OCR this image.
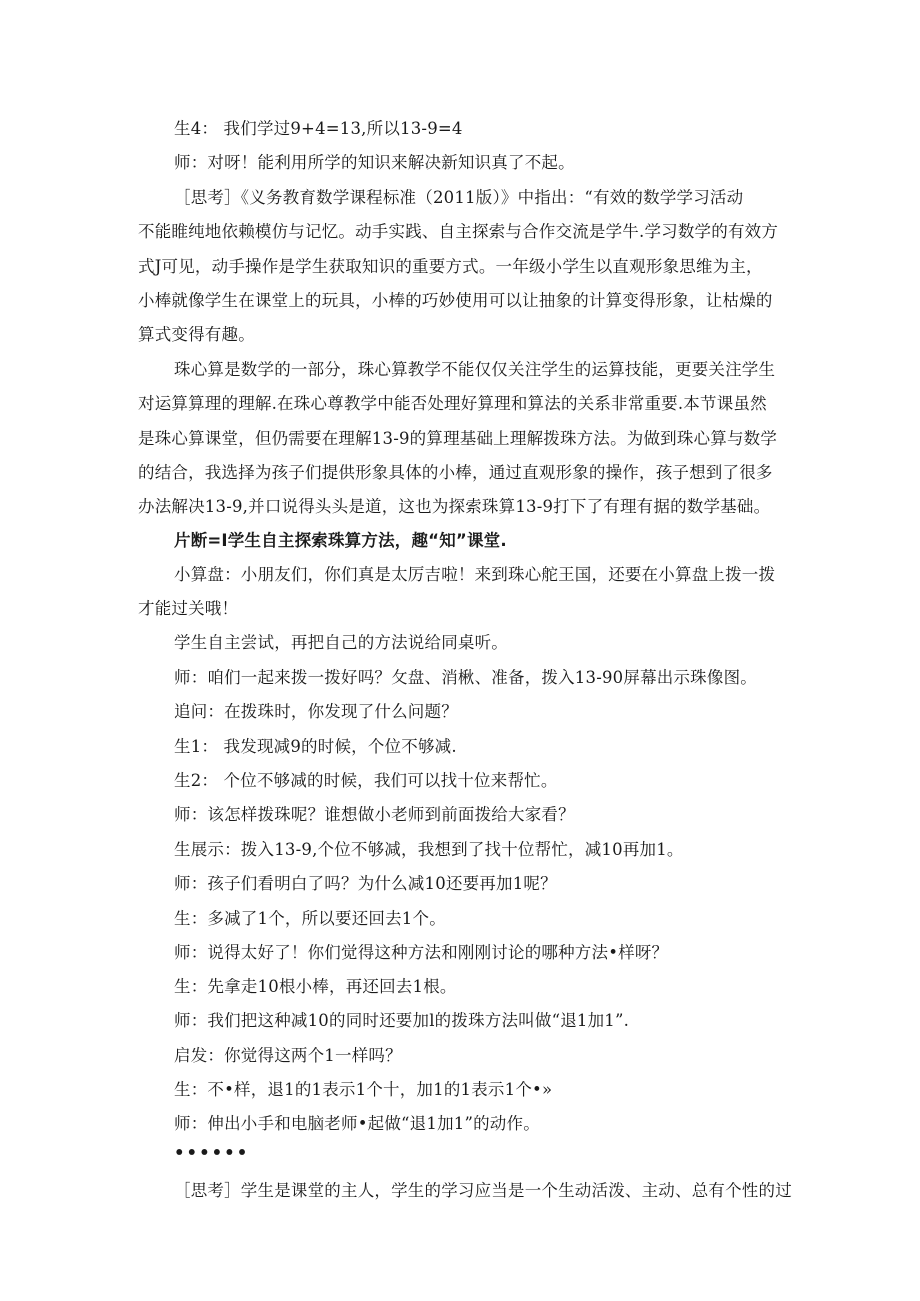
生4： 我们学过9+4=13,所以13-9=4
师：对呀！能利用所学的知识来解决新知识真了不起。
［思考］《义务教育数学课程标准（2011版）》中指出：“有效的数学学习活动
不能睢纯地依赖模仿与记忆。动手实践、自主探索与合作交流是学牛.学习数学的有效方
式J可见，动手操作是学生获取知识的重要方式。一年级小学生以直观形象思维为主，
小棒就像学生在课堂上的玩具，小棒的巧妙使用可以让抽象的计算变得形象，让枯燥的
算式变得有趣。
珠心算是数学的一部分，珠心算教学不能仅仅关注学生的运算技能，更要关注学生
对运算算理的理解.在珠心尊教学中能否处理好算理和算法的关系非常重要.本节课虽然
是珠心算课堂，但仍需要在理解13-9的算理基础上理解拨珠方法。为做到珠心算与数学
的结合，我选择为孩子们提供形象具体的小棒，通过直观形象的操作，孩子想到了很多
办法解决13-9,并口说得头头是道，这也为探索珠算13-9打下了有理有据的数学基础。
片断=I学生自主探索珠算方法，趣“知”课堂.
小算盘：小朋友们，你们真是太厉吉啦！来到珠心舵王国，还要在小算盘上拨一拨
才能过关哦！
学生自主尝试，再把自己的方法说给同桌听。
师：咱们一起来拨一拨好吗？攵盘、消楸、准备，拨入13-90屏幕出示珠像图。
追问：在拨珠时，你发现了什么问题？
生1： 我发现减9的时候，个位不够减.
生2： 个位不够减的时候，我们可以找十位来帮忙。
师：该怎样拨珠呢？谁想做小老师到前面拨给大家看？
生展示：拨入13-9,个位不够减，我想到了找十位帮忙，减10再加1。
师：孩子们看明白了吗？为什么减10还要再加1呢？
生：多减了1个，所以要还回去1个。
师：说得太好了！你们觉得这种方法和刚刚讨论的哪种方法•样呀？
生：先拿走10根小棒，再还回去1根。
师：我们把这种减10的同时还要加l的拨珠方法叫做“退1加1”.
启发：你觉得这两个1一样吗？
生：不•样，退1的1表示1个十，加1的1表示1个•»
师：伸出小手和电脑老师•起做“退1加1”的动作。
••••••
［思考］学生是课堂的主人，学生的学习应当是一个生动活泼、主动、总有个性的过
